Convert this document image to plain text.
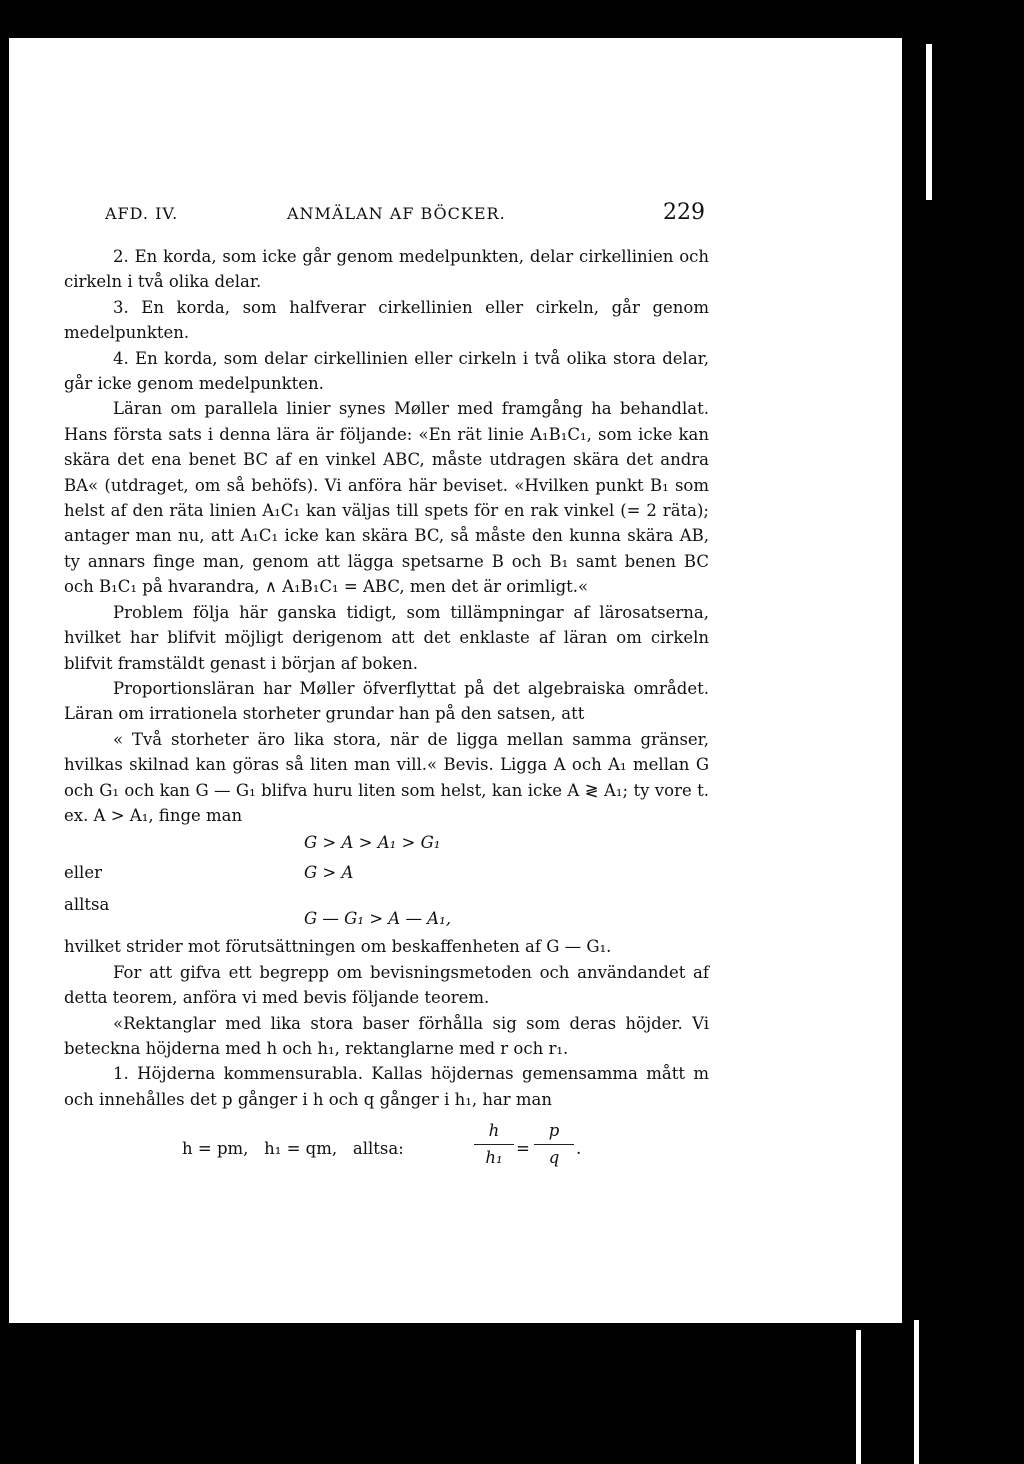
AFD. IV.	ANMÄLAN AF BÖCKER.	229

2. En korda, som icke går genom medelpunkten, delar cirkellinien och cirkeln i två olika delar.

3. En korda, som halfverar cirkellinien eller cirkeln, går genom medelpunkten.

4. En korda, som delar cirkellinien eller cirkeln i två olika stora delar, går icke genom medelpunkten.

Läran om parallela linier synes Møller med framgång ha behandlat. Hans första sats i denna lära är följande: «En rät linie A₁B₁C₁, som icke kan skära det ena benet BC af en vinkel ABC, måste utdragen skära det andra BA« (utdraget, om så behöfs). Vi anföra här beviset. «Hvilken punkt B₁ som helst af den räta linien A₁C₁ kan väljas till spets för en rak vinkel (= 2 räta); antager man nu, att A₁C₁ icke kan skära BC, så måste den kunna skära AB, ty annars finge man, genom att lägga spetsarne B och B₁ samt benen BC och B₁C₁ på hvarandra, ∧ A₁B₁C₁ = ABC, men det är orimligt.«

Problem följa här ganska tidigt, som tillämpningar af lärosatserna, hvilket har blifvit möjligt derigenom att det enklaste af läran om cirkeln blifvit framstäldt genast i början af boken.

Proportionsläran har Møller öfverflyttat på det algebraiska området. Läran om irrationela storheter grundar han på den satsen, att

« Två storheter äro lika stora, när de ligga mellan samma gränser, hvilkas skilnad kan göras så liten man vill.« Bevis. Ligga A och A₁ mellan G och G₁ och kan G — G₁ blifva huru liten som helst, kan icke A ≷ A₁; ty vore t. ex. A > A₁, finge man

G > A > A₁ > G₁
eller	G > A
alltsa
G — G₁ > A — A₁,

hvilket strider mot förutsättningen om beskaffenheten af G — G₁.

For att gifva ett begrepp om bevisningsmetoden och användandet af detta teorem, anföra vi med bevis följande teorem.

«Rektanglar med lika stora baser förhålla sig som deras höjder. Vi beteckna höjderna med h och h₁, rektanglarne med r och r₁.

1. Höjderna kommensurabla. Kallas höjdernas gemensamma mått m och innehålles det p gånger i h och q gånger i h₁, har man

h = pm,   h₁ = qm,   alltsa:	$\frac{h}{\text{h₁}} = \frac{p}{q}$ .
